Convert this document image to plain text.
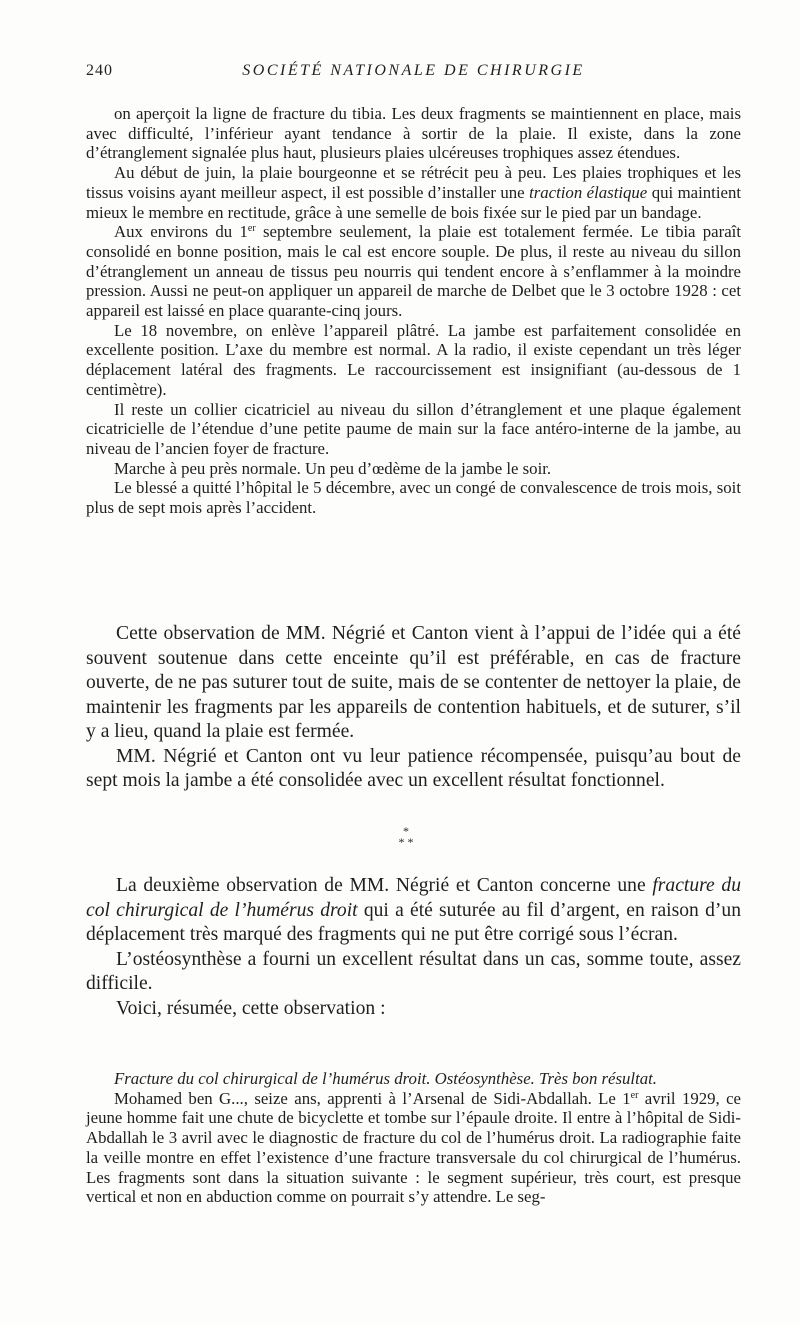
240	SOCIÉTÉ NATIONALE DE CHIRURGIE

on aperçoit la ligne de fracture du tibia. Les deux fragments se maintiennent en place, mais avec difficulté, l’inférieur ayant tendance à sortir de la plaie. Il existe, dans la zone d’étranglement signalée plus haut, plusieurs plaies ulcéreuses trophiques assez étendues.

Au début de juin, la plaie bourgeonne et se rétrécit peu à peu. Les plaies trophiques et les tissus voisins ayant meilleur aspect, il est possible d’installer une traction élastique qui maintient mieux le membre en rectitude, grâce à une semelle de bois fixée sur le pied par un bandage.

Aux environs du 1er septembre seulement, la plaie est totalement fermée. Le tibia paraît consolidé en bonne position, mais le cal est encore souple. De plus, il reste au niveau du sillon d’étranglement un anneau de tissus peu nourris qui tendent encore à s’enflammer à la moindre pression. Aussi ne peut-on appliquer un appareil de marche de Delbet que le 3 octobre 1928 : cet appareil est laissé en place quarante-cinq jours.

Le 18 novembre, on enlève l’appareil plâtré. La jambe est parfaitement consolidée en excellente position. L’axe du membre est normal. A la radio, il existe cependant un très léger déplacement latéral des fragments. Le raccourcissement est insignifiant (au-dessous de 1 centimètre).

Il reste un collier cicatriciel au niveau du sillon d’étranglement et une plaque également cicatricielle de l’étendue d’une petite paume de main sur la face antéro-interne de la jambe, au niveau de l’ancien foyer de fracture.

Marche à peu près normale. Un peu d’œdème de la jambe le soir.

Le blessé a quitté l’hôpital le 5 décembre, avec un congé de convalescence de trois mois, soit plus de sept mois après l’accident.

Cette observation de MM. Négrié et Canton vient à l’appui de l’idée qui a été souvent soutenue dans cette enceinte qu’il est préférable, en cas de fracture ouverte, de ne pas suturer tout de suite, mais de se contenter de nettoyer la plaie, de maintenir les fragments par les appareils de contention habituels, et de suturer, s’il y a lieu, quand la plaie est fermée.

MM. Négrié et Canton ont vu leur patience récompensée, puisqu’au bout de sept mois la jambe a été consolidée avec un excellent résultat fonctionnel.

*
* *

La deuxième observation de MM. Négrié et Canton concerne une fracture du col chirurgical de l’humérus droit qui a été suturée au fil d’argent, en raison d’un déplacement très marqué des fragments qui ne put être corrigé sous l’écran.

L’ostéosynthèse a fourni un excellent résultat dans un cas, somme toute, assez difficile.

Voici, résumée, cette observation :

Fracture du col chirurgical de l’humérus droit. Ostéosynthèse. Très bon résultat.

Mohamed ben G..., seize ans, apprenti à l’Arsenal de Sidi-Abdallah. Le 1er avril 1929, ce jeune homme fait une chute de bicyclette et tombe sur l’épaule droite. Il entre à l’hôpital de Sidi-Abdallah le 3 avril avec le diagnostic de fracture du col de l’humérus droit. La radiographie faite la veille montre en effet l’existence d’une fracture transversale du col chirurgical de l’humérus. Les fragments sont dans la situation suivante : le segment supérieur, très court, est presque vertical et non en abduction comme on pourrait s’y attendre. Le seg-
